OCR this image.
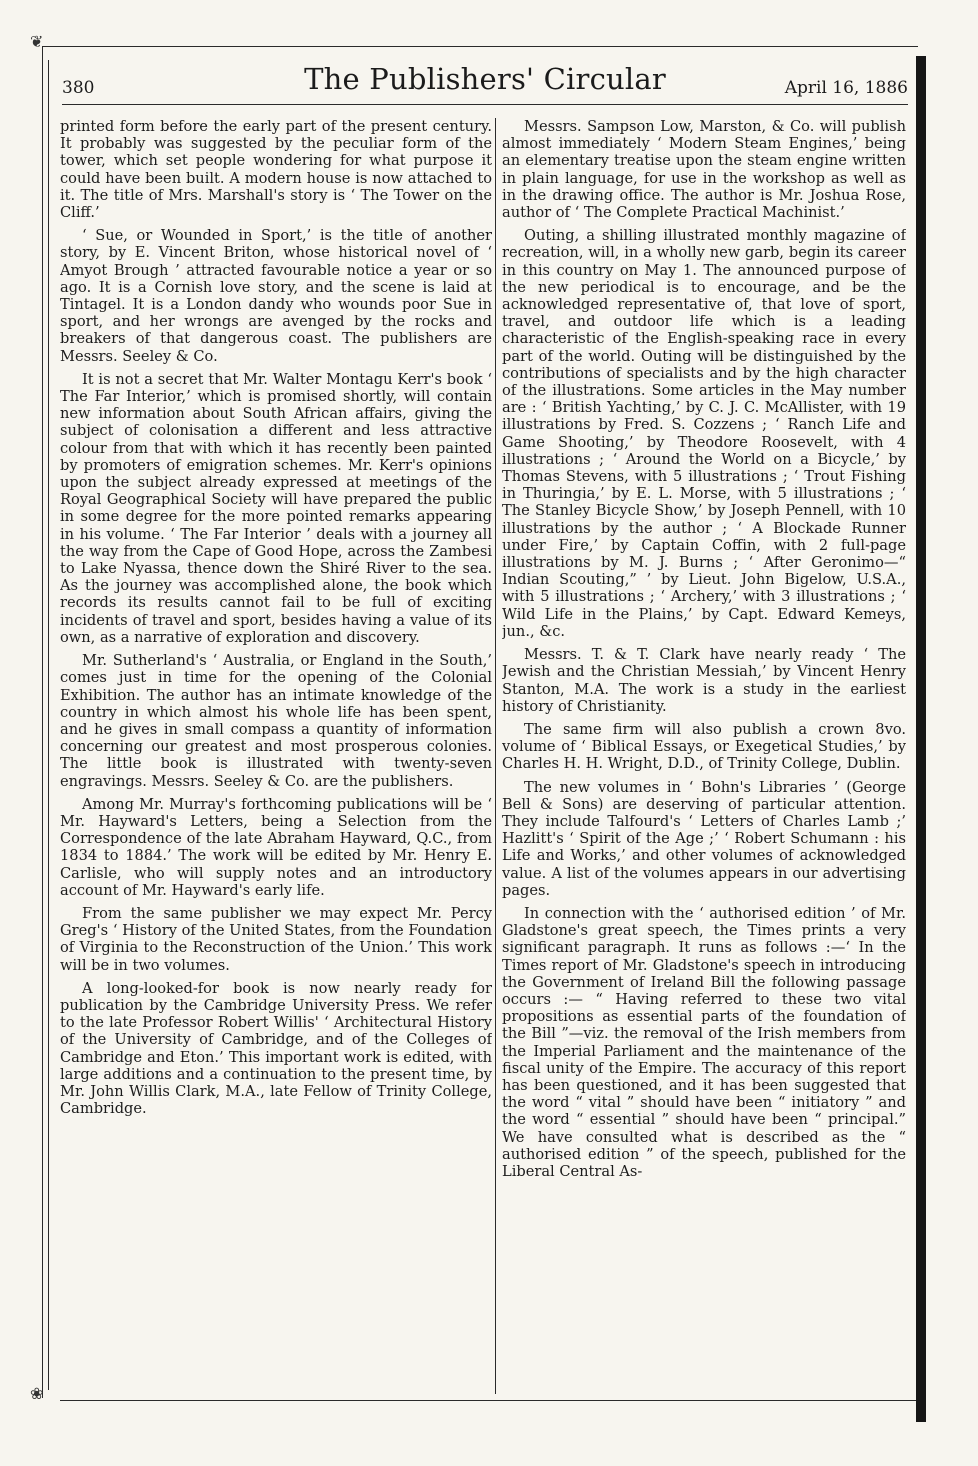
❦
❀
380	The Publishers' Circular	April 16, 1886

printed form before the early part of the present century. It probably was suggested by the peculiar form of the tower, which set people wondering for what purpose it could have been built. A modern house is now attached to it. The title of Mrs. Marshall's story is ‘ The Tower on the Cliff.’

‘ Sue, or Wounded in Sport,’ is the title of another story, by E. Vincent Briton, whose historical novel of ‘ Amyot Brough ’ attracted favourable notice a year or so ago. It is a Cornish love story, and the scene is laid at Tintagel. It is a London dandy who wounds poor Sue in sport, and her wrongs are avenged by the rocks and breakers of that dangerous coast. The publishers are Messrs. Seeley & Co.

It is not a secret that Mr. Walter Montagu Kerr's book ‘ The Far Interior,’ which is promised shortly, will contain new information about South African affairs, giving the subject of colonisation a different and less attractive colour from that with which it has recently been painted by promoters of emigration schemes. Mr. Kerr's opinions upon the subject already expressed at meetings of the Royal Geographical Society will have prepared the public in some degree for the more pointed remarks appearing in his volume. ‘ The Far Interior ’ deals with a journey all the way from the Cape of Good Hope, across the Zambesi to Lake Nyassa, thence down the Shiré River to the sea. As the journey was accomplished alone, the book which records its results cannot fail to be full of exciting incidents of travel and sport, besides having a value of its own, as a narrative of exploration and discovery.

Mr. Sutherland's ‘ Australia, or England in the South,’ comes just in time for the opening of the Colonial Exhibition. The author has an intimate knowledge of the country in which almost his whole life has been spent, and he gives in small compass a quantity of information concerning our greatest and most prosperous colonies. The little book is illustrated with twenty-seven engravings. Messrs. Seeley & Co. are the publishers.

Among Mr. Murray's forthcoming publications will be ‘ Mr. Hayward's Letters, being a Selection from the Correspondence of the late Abraham Hayward, Q.C., from 1834 to 1884.’ The work will be edited by Mr. Henry E. Carlisle, who will supply notes and an introductory account of Mr. Hayward's early life.

From the same publisher we may expect Mr. Percy Greg's ‘ History of the United States, from the Foundation of Virginia to the Reconstruction of the Union.’ This work will be in two volumes.

A long-looked-for book is now nearly ready for publication by the Cambridge University Press. We refer to the late Professor Robert Willis' ‘ Architectural History of the University of Cambridge, and of the Colleges of Cambridge and Eton.’ This important work is edited, with large additions and a continuation to the present time, by Mr. John Willis Clark, M.A., late Fellow of Trinity College, Cambridge.

Messrs. Sampson Low, Marston, & Co. will publish almost immediately ‘ Modern Steam Engines,’ being an elementary treatise upon the steam engine written in plain language, for use in the workshop as well as in the drawing office. The author is Mr. Joshua Rose, author of ‘ The Complete Practical Machinist.’

Outing, a shilling illustrated monthly magazine of recreation, will, in a wholly new garb, begin its career in this country on May 1. The announced purpose of the new periodical is to encourage, and be the acknowledged representative of, that love of sport, travel, and outdoor life which is a leading characteristic of the English-speaking race in every part of the world. Outing will be distinguished by the contributions of specialists and by the high character of the illustrations. Some articles in the May number are : ‘ British Yachting,’ by C. J. C. McAllister, with 19 illustrations by Fred. S. Cozzens ; ‘ Ranch Life and Game Shooting,’ by Theodore Roosevelt, with 4 illustrations ; ‘ Around the World on a Bicycle,’ by Thomas Stevens, with 5 illustrations ; ‘ Trout Fishing in Thuringia,’ by E. L. Morse, with 5 illustrations ; ‘ The Stanley Bicycle Show,’ by Joseph Pennell, with 10 illustrations by the author ; ‘ A Blockade Runner under Fire,’ by Captain Coffin, with 2 full-page illustrations by M. J. Burns ; ‘ After Geronimo—“ Indian Scouting,” ’ by Lieut. John Bigelow, U.S.A., with 5 illustrations ; ‘ Archery,’ with 3 illustrations ; ‘ Wild Life in the Plains,’ by Capt. Edward Kemeys, jun., &c.

Messrs. T. & T. Clark have nearly ready ‘ The Jewish and the Christian Messiah,’ by Vincent Henry Stanton, M.A. The work is a study in the earliest history of Christianity.

The same firm will also publish a crown 8vo. volume of ‘ Biblical Essays, or Exegetical Studies,’ by Charles H. H. Wright, D.D., of Trinity College, Dublin.

The new volumes in ‘ Bohn's Libraries ’ (George Bell & Sons) are deserving of particular attention. They include Talfourd's ‘ Letters of Charles Lamb ;’ Hazlitt's ‘ Spirit of the Age ;’ ‘ Robert Schumann : his Life and Works,’ and other volumes of acknowledged value. A list of the volumes appears in our advertising pages.

In connection with the ‘ authorised edition ’ of Mr. Gladstone's great speech, the Times prints a very significant paragraph. It runs as follows :—‘ In the Times report of Mr. Gladstone's speech in introducing the Government of Ireland Bill the following passage occurs :— “ Having referred to these two vital propositions as essential parts of the foundation of the Bill ”—viz. the removal of the Irish members from the Imperial Parliament and the maintenance of the fiscal unity of the Empire. The accuracy of this report has been questioned, and it has been suggested that the word “ vital ” should have been “ initiatory ” and the word “ essential ” should have been “ principal.” We have consulted what is described as the “ authorised edition ” of the speech, published for the Liberal Central As-
